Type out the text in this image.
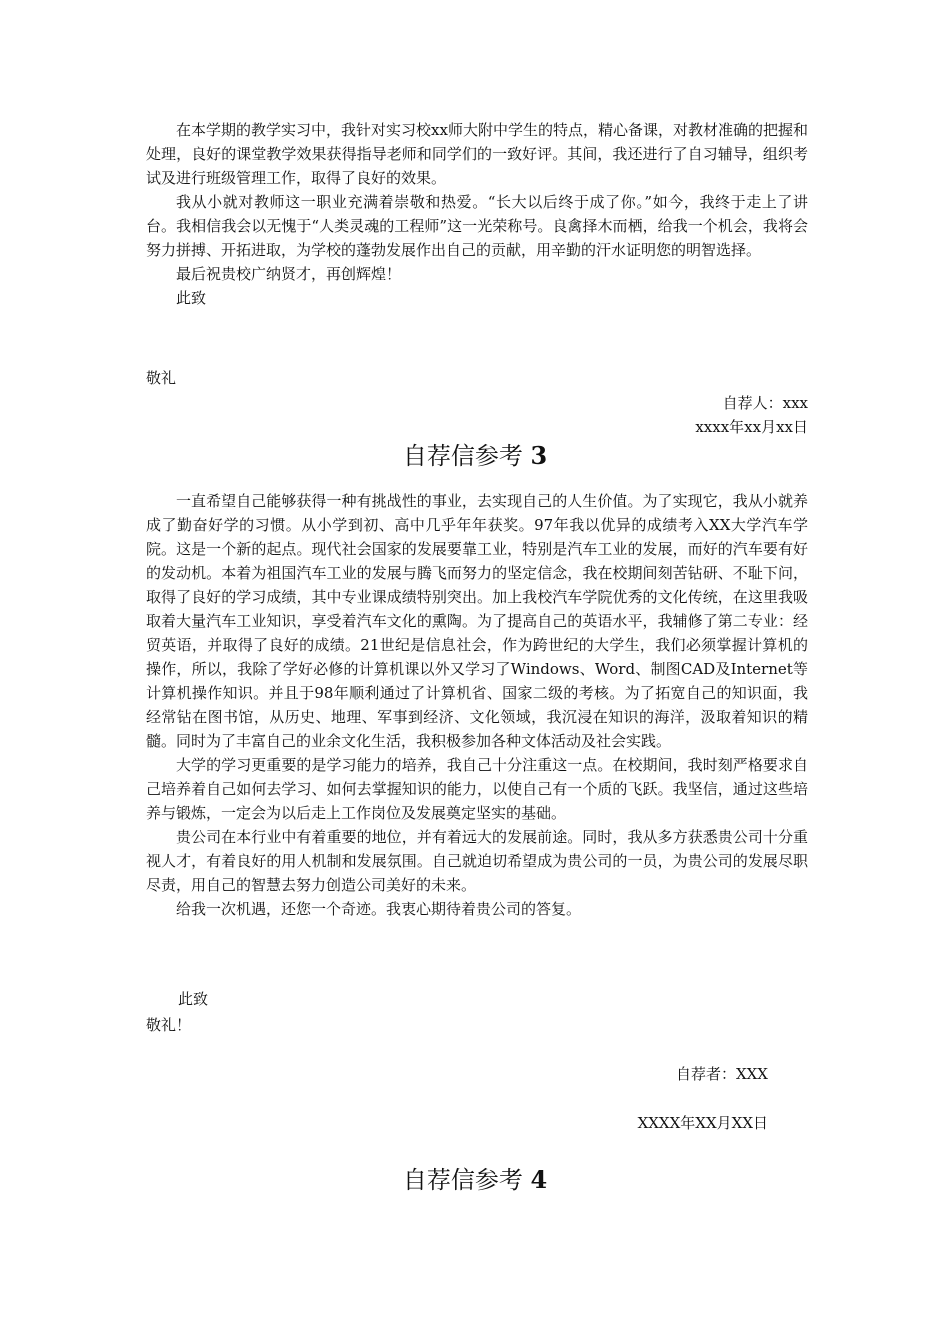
在本学期的教学实习中，我针对实习校xx师大附中学生的特点，精心备课，对教材准确的把握和处理，良好的课堂教学效果获得指导老师和同学们的一致好评。其间，我还进行了自习辅导，组织考试及进行班级管理工作，取得了良好的效果。

我从小就对教师这一职业充满着崇敬和热爱。“长大以后终于成了你。”如今，我终于走上了讲台。我相信我会以无愧于“人类灵魂的工程师”这一光荣称号。良禽择木而栖，给我一个机会，我将会努力拼搏、开拓进取，为学校的蓬勃发展作出自己的贡献，用辛勤的汗水证明您的明智选择。

最后祝贵校广纳贤才，再创辉煌！

此致

敬礼
自荐人：xxx
xxxx年xx月xx日
自荐信参考 3

一直希望自己能够获得一种有挑战性的事业，去实现自己的人生价值。为了实现它，我从小就养成了勤奋好学的习惯。从小学到初、高中几乎年年获奖。97年我以优异的成绩考入XX大学汽车学院。这是一个新的起点。现代社会国家的发展要靠工业，特别是汽车工业的发展，而好的汽车要有好的发动机。本着为祖国汽车工业的发展与腾飞而努力的坚定信念，我在校期间刻苦钻研、不耻下问，取得了良好的学习成绩，其中专业课成绩特别突出。加上我校汽车学院优秀的文化传统，在这里我吸取着大量汽车工业知识，享受着汽车文化的熏陶。为了提高自己的英语水平，我辅修了第二专业：经贸英语，并取得了良好的成绩。21世纪是信息社会，作为跨世纪的大学生，我们必须掌握计算机的操作，所以，我除了学好必修的计算机课以外又学习了Windows、Word、制图CAD及Internet等计算机操作知识。并且于98年顺利通过了计算机省、国家二级的考核。为了拓宽自己的知识面，我经常钻在图书馆，从历史、地理、军事到经济、文化领域，我沉浸在知识的海洋，汲取着知识的精髓。同时为了丰富自己的业余文化生活，我积极参加各种文体活动及社会实践。

大学的学习更重要的是学习能力的培养，我自己十分注重这一点。在校期间，我时刻严格要求自己培养着自己如何去学习、如何去掌握知识的能力，以使自己有一个质的飞跃。我坚信，通过这些培养与锻炼，一定会为以后走上工作岗位及发展奠定坚实的基础。

贵公司在本行业中有着重要的地位，并有着远大的发展前途。同时，我从多方获悉贵公司十分重视人才，有着良好的用人机制和发展氛围。自己就迫切希望成为贵公司的一员，为贵公司的发展尽职尽责，用自己的智慧去努力创造公司美好的未来。

给我一次机遇，还您一个奇迹。我衷心期待着贵公司的答复。

此致
敬礼！
自荐者：XXX
XXXX年XX月XX日
自荐信参考 4
